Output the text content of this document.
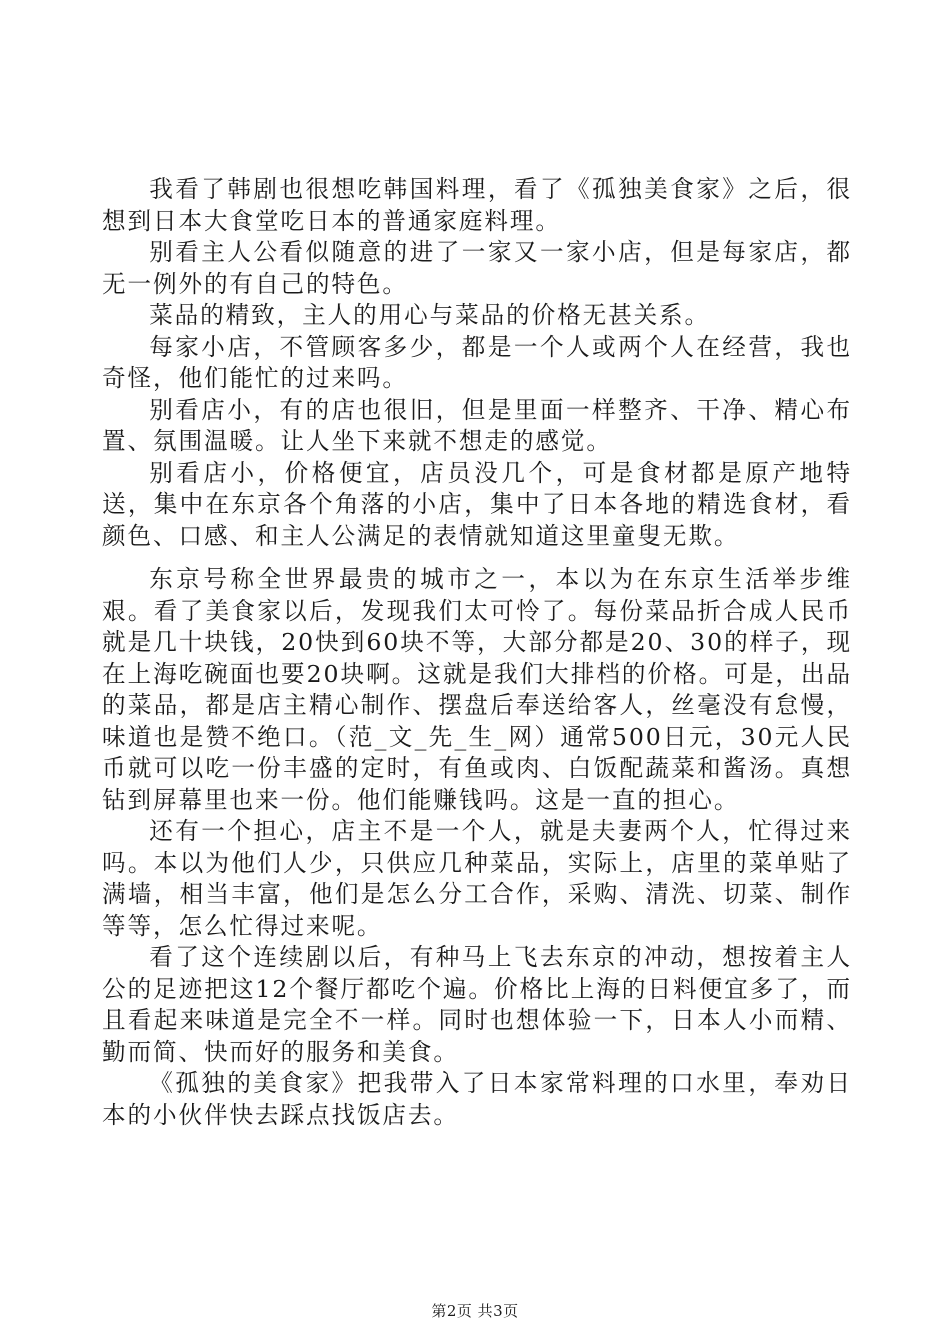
我看了韩剧也很想吃韩国料理，看了《孤独美食家》之后，很想到日本大食堂吃日本的普通家庭料理。

别看主人公看似随意的进了一家又一家小店，但是每家店，都无一例外的有自己的特色。

菜品的精致，主人的用心与菜品的价格无甚关系。

每家小店，不管顾客多少，都是一个人或两个人在经营，我也奇怪，他们能忙的过来吗。

别看店小，有的店也很旧，但是里面一样整齐、干净、精心布置、氛围温暖。让人坐下来就不想走的感觉。

别看店小，价格便宜，店员没几个，可是食材都是原产地特送，集中在东京各个角落的小店，集中了日本各地的精选食材，看颜色、口感、和主人公满足的表情就知道这里童叟无欺。

东京号称全世界最贵的城市之一，本以为在东京生活举步维艰。看了美食家以后，发现我们太可怜了。每份菜品折合成人民币就是几十块钱，20快到60块不等，大部分都是20、30的样子，现在上海吃碗面也要20块啊。这就是我们大排档的价格。可是，出品的菜品，都是店主精心制作、摆盘后奉送给客人，丝毫没有怠慢，味道也是赞不绝口。（范_文_先_生_网）通常500日元，30元人民币就可以吃一份丰盛的定时，有鱼或肉、白饭配蔬菜和酱汤。真想钻到屏幕里也来一份。他们能赚钱吗。这是一直的担心。

还有一个担心，店主不是一个人，就是夫妻两个人，忙得过来吗。本以为他们人少，只供应几种菜品，实际上，店里的菜单贴了满墙，相当丰富，他们是怎么分工合作，采购、清洗、切菜、制作等等，怎么忙得过来呢。

看了这个连续剧以后，有种马上飞去东京的冲动，想按着主人公的足迹把这12个餐厅都吃个遍。价格比上海的日料便宜多了，而且看起来味道是完全不一样。同时也想体验一下，日本人小而精、勤而简、快而好的服务和美食。

《孤独的美食家》把我带入了日本家常料理的口水里，奉劝日本的小伙伴快去踩点找饭店去。

第2页 共3页
